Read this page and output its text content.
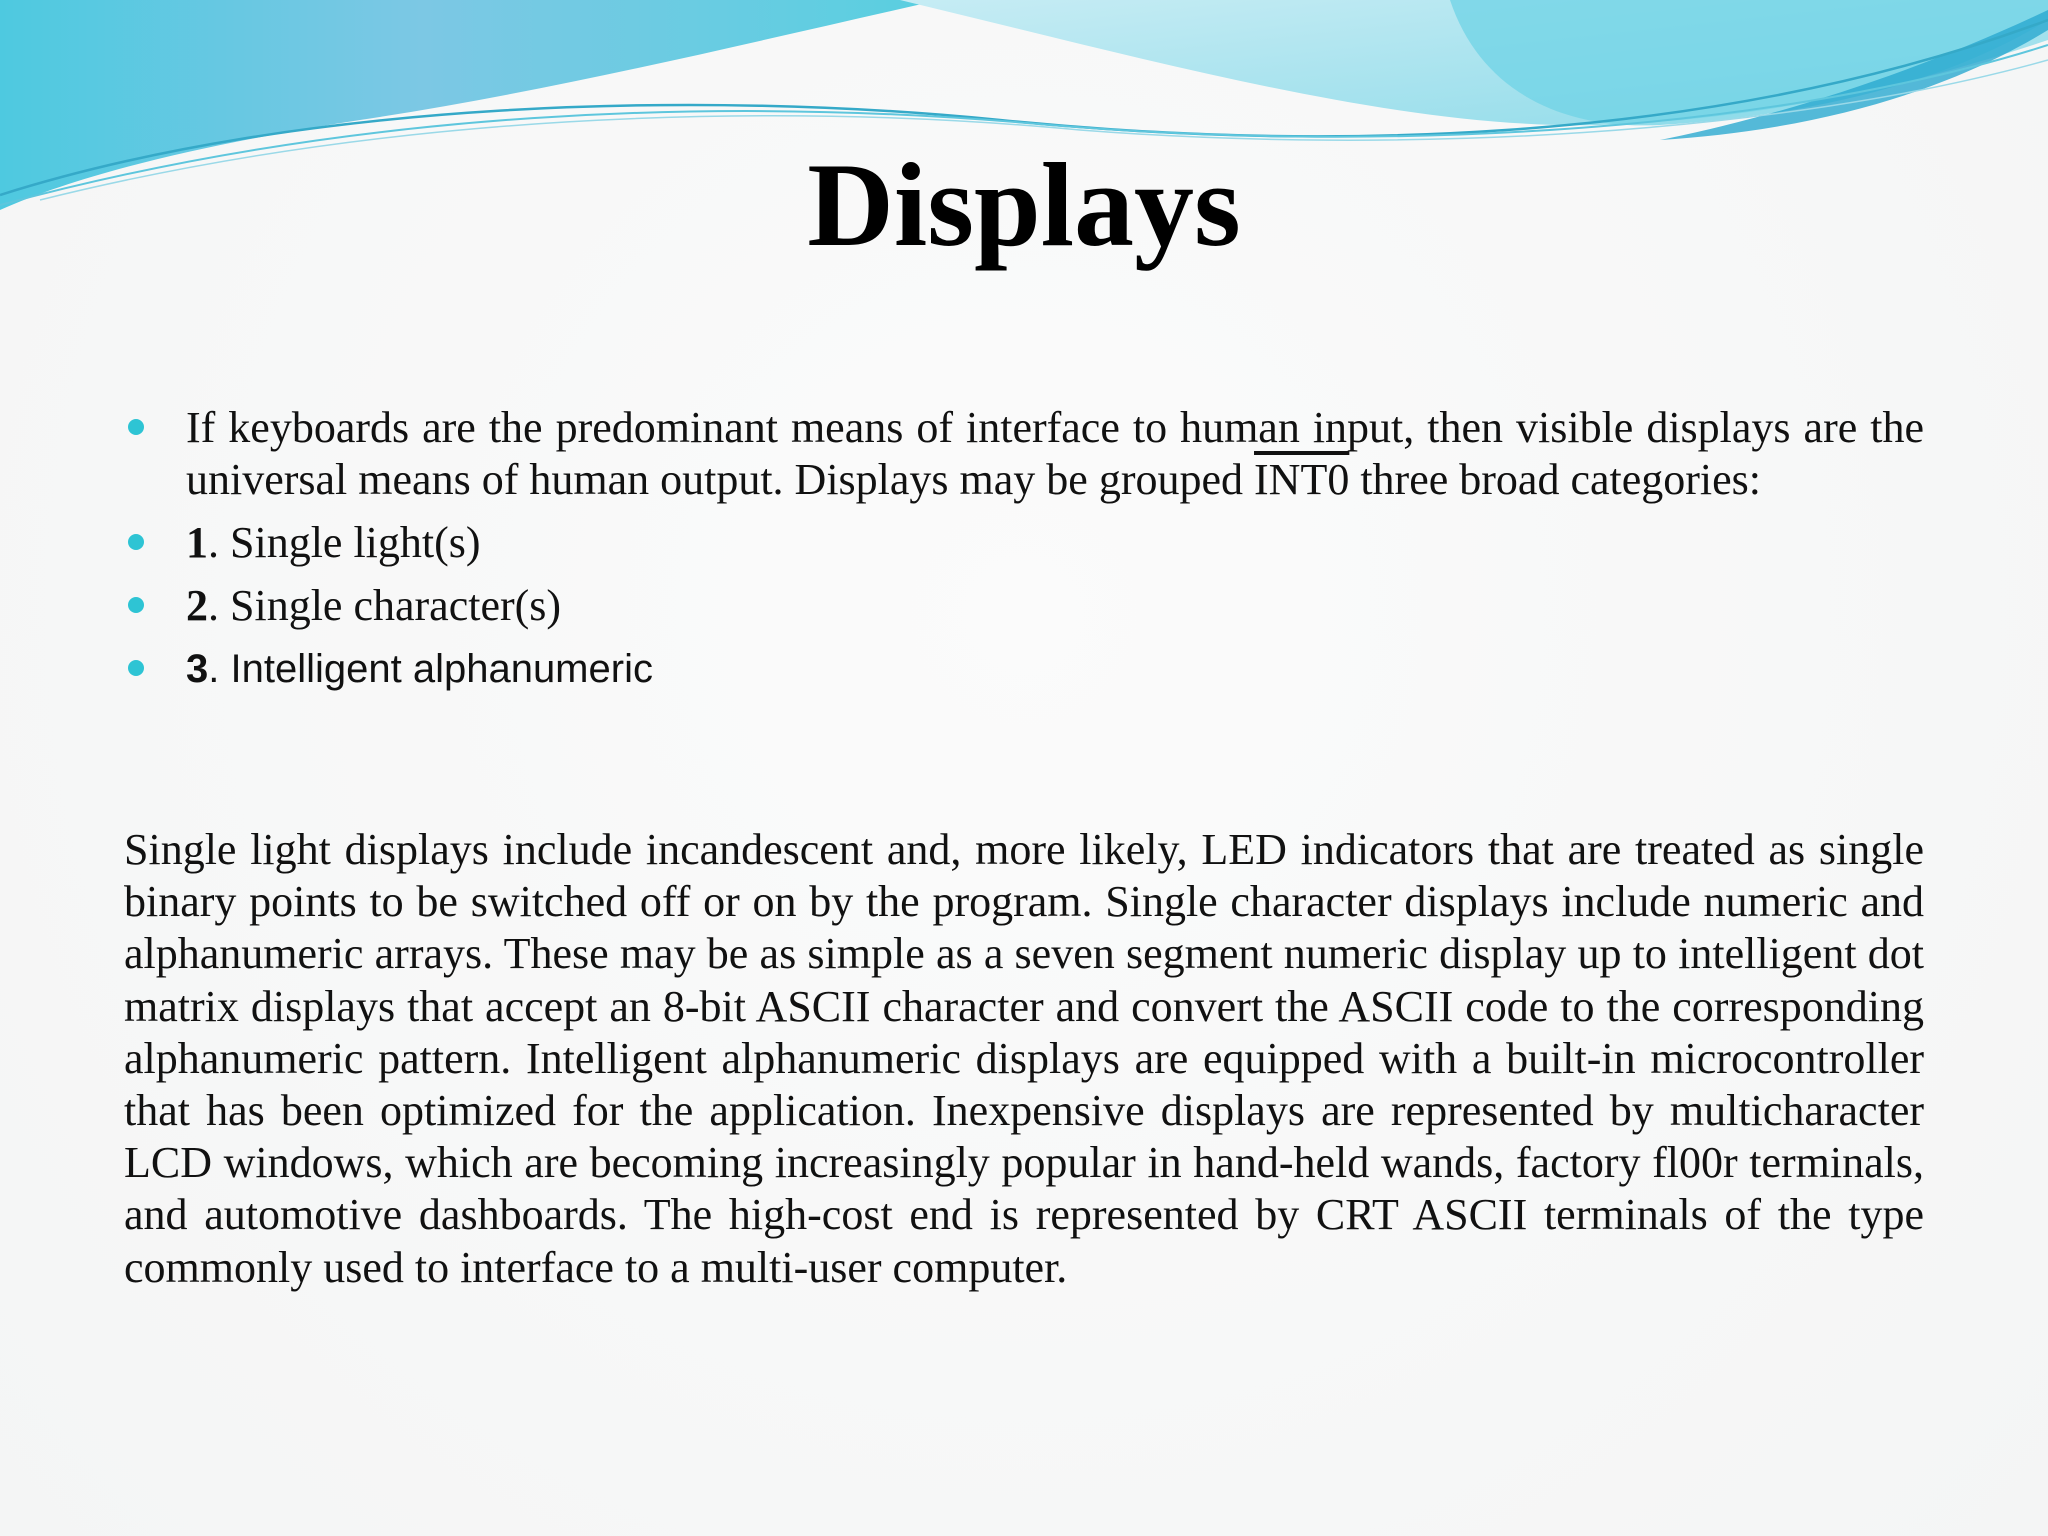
Displays
If keyboards are the predominant means of interface to human input, then visible displays are the universal means of human output. Displays may be grouped INT0 three broad categories:
1. Single light(s)
2. Single character(s)
3. Intelligent alphanumeric

Single light displays include incandescent and, more likely, LED indicators that are treated as single binary points to be switched off or on by the program. Single character displays include numeric and alphanumeric arrays. These may be as simple as a seven segment numeric display up to intelligent dot matrix displays that accept an 8-bit ASCII character and convert the ASCII code to the corresponding alphanumeric pattern. Intelligent alphanumeric displays are equipped with a built-in microcontroller that has been optimized for the application. Inexpensive displays are represented by multicharacter LCD windows, which are becoming increasingly popular in hand-held wands, factory fl00r terminals, and automotive dashboards. The high-cost end is represented by CRT ASCII terminals of the type commonly used to interface to a multi-user computer.
